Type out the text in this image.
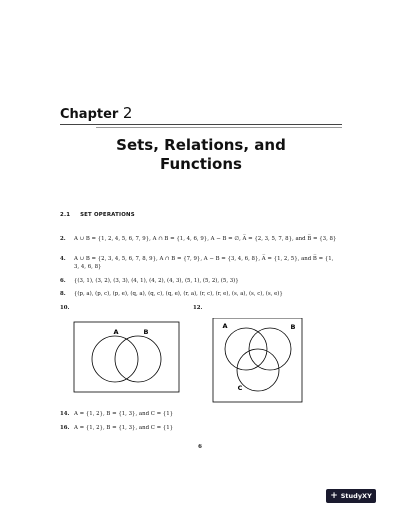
Chapter 2
Sets, Relations, and
Functions
2.1 SET OPERATIONS
2. A ∪ B = {1, 2, 4, 5, 6, 7, 9}, A ∩ B = {1, 4, 6, 9}, A − B = ∅, A̅ = {2, 3, 5, 7, 8}, and B̅ = {3, 8}
4. A ∪ B = {2, 3, 4, 5, 6, 7, 8, 9}, A ∩ B = {7, 9}, A − B = {3, 4, 6, 8}, A̅ = {1, 2, 5}, and B̅ = {1, 3, 4, 6, 8}
6. {(3, 1), (3, 2), (3, 3), (4, 1), (4, 2), (4, 3), (5, 1), (5, 2), (5, 3)}
8. {(p, a), (p, c), (p, e), (q, a), (q, c), (q, e), (r, a), (r, c), (r, e), (s, a), (s, c), (s, e)}
10.	12.
A	B
A	B
C
14. A = {1, 2}, B = {1, 3}, and C = {1}
16. A = {1, 2}, B = {1, 3}, and C = {1}
6
+ StudyXY
